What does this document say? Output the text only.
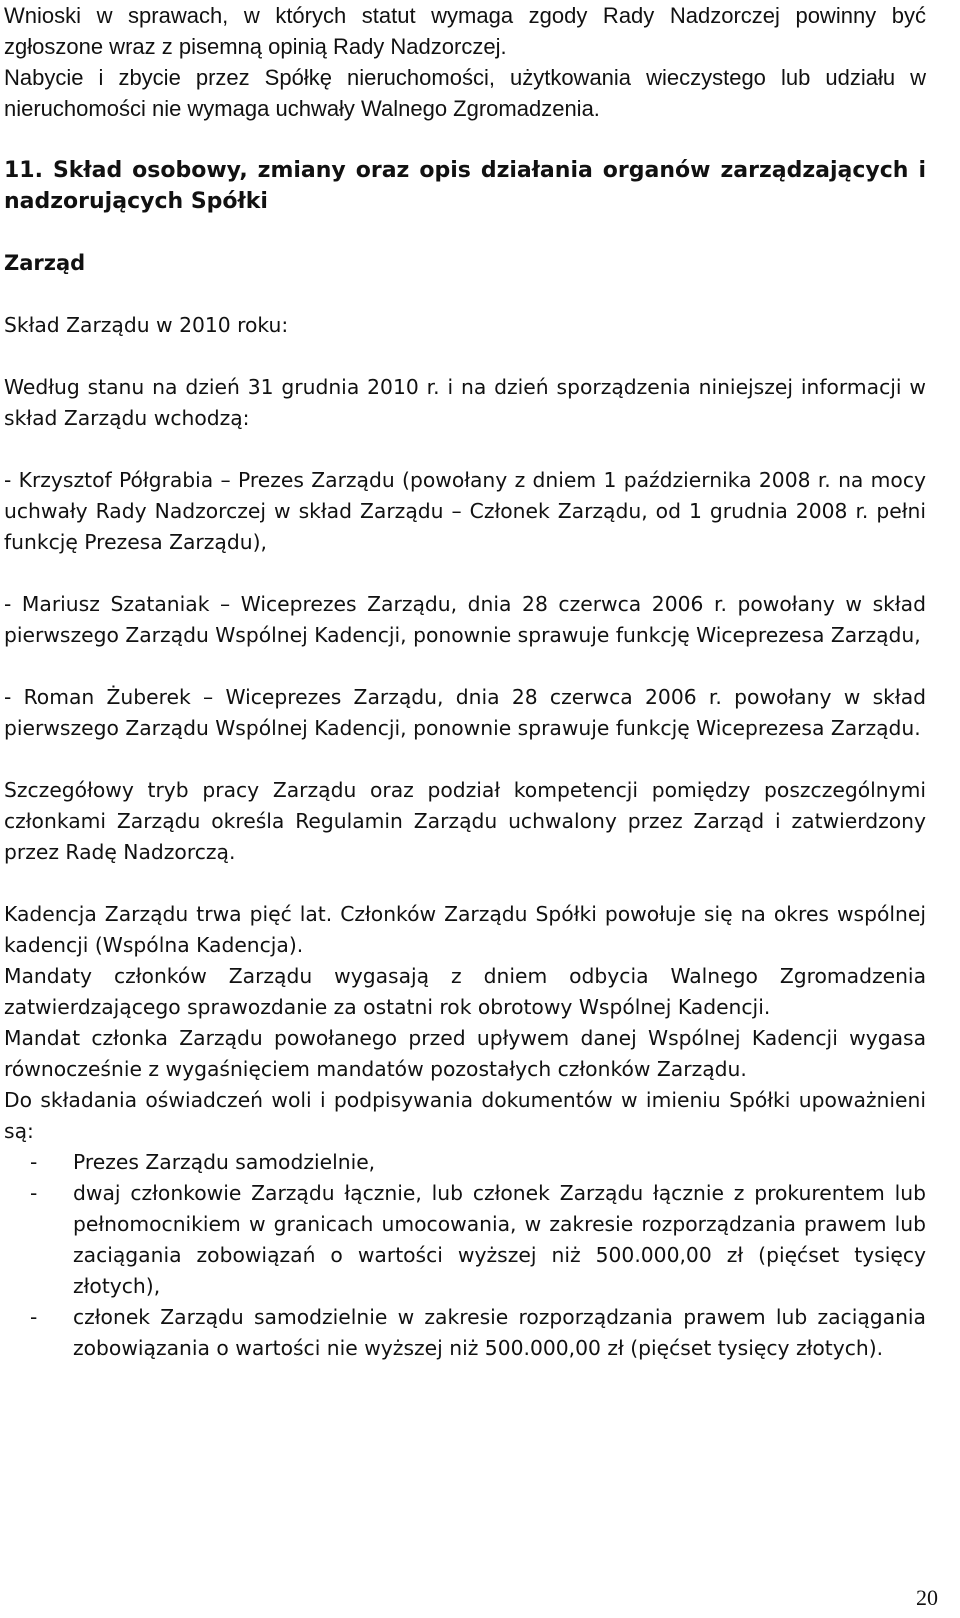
Wnioski w sprawach, w których statut wymaga zgody Rady Nadzorczej powinny być zgłoszone wraz z pisemną opinią Rady Nadzorczej.

Nabycie i zbycie przez Spółkę nieruchomości, użytkowania wieczystego lub udziału w nieruchomości nie wymaga uchwały Walnego Zgromadzenia.

11. Skład osobowy, zmiany oraz opis działania organów zarządzających i nadzorujących Spółki

Zarząd

Skład Zarządu w 2010 roku:

Według stanu na dzień 31 grudnia 2010 r. i na dzień sporządzenia niniejszej informacji w skład Zarządu wchodzą:

- Krzysztof Półgrabia – Prezes Zarządu (powołany z dniem 1 października 2008 r. na mocy uchwały Rady Nadzorczej w skład Zarządu – Członek Zarządu, od 1 grudnia 2008 r. pełni funkcję Prezesa Zarządu),

- Mariusz Szataniak – Wiceprezes Zarządu, dnia 28 czerwca 2006 r. powołany w skład pierwszego Zarządu Wspólnej Kadencji, ponownie sprawuje funkcję Wiceprezesa Zarządu,

- Roman Żuberek – Wiceprezes Zarządu, dnia 28 czerwca 2006 r. powołany w skład pierwszego Zarządu Wspólnej Kadencji, ponownie sprawuje funkcję Wiceprezesa Zarządu.

Szczegółowy tryb pracy Zarządu oraz podział kompetencji pomiędzy poszczególnymi członkami Zarządu określa Regulamin Zarządu uchwalony przez Zarząd i zatwierdzony przez Radę Nadzorczą.

Kadencja Zarządu trwa pięć lat. Członków Zarządu Spółki powołuje się na okres wspólnej kadencji (Wspólna Kadencja).

Mandaty członków Zarządu wygasają z dniem odbycia Walnego Zgromadzenia zatwierdzającego sprawozdanie za ostatni rok obrotowy Wspólnej Kadencji.

Mandat członka Zarządu powołanego przed upływem danej Wspólnej Kadencji wygasa równocześnie z wygaśnięciem mandatów pozostałych członków Zarządu.

Do składania oświadczeń woli i podpisywania dokumentów w imieniu Spółki upoważnieni są:

-	Prezes Zarządu samodzielnie,
-	dwaj członkowie Zarządu łącznie, lub członek Zarządu łącznie z prokurentem lub pełnomocnikiem w granicach umocowania, w zakresie rozporządzania prawem lub zaciągania zobowiązań o wartości wyższej niż 500.000,00 zł (pięćset tysięcy złotych),
-	członek Zarządu samodzielnie w zakresie rozporządzania prawem lub zaciągania zobowiązania o wartości nie wyższej niż 500.000,00 zł (pięćset tysięcy złotych).
20
